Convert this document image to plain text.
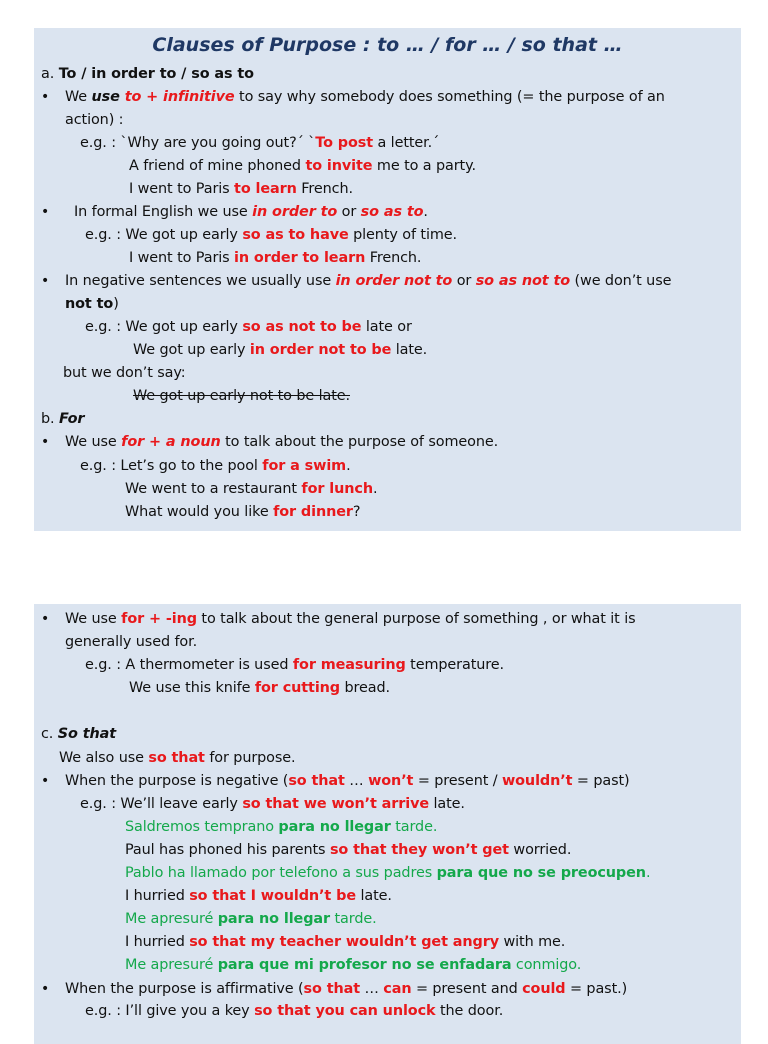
Clauses of Purpose : to … / for … / so that …
a. To / in order to / so as to
• We use to + infinitive to say why somebody does something (= the purpose of an
action) :
e.g. : `Why are you going out?´ `To post a letter.´
A friend of mine phoned to invite me to a party.
I went to Paris to learn French.
• In formal English we use in order to or so as to.
e.g. : We got up early so as to have plenty of time.
I went to Paris in order to learn French.
• In negative sentences we usually use in order not to or so as not to (we don’t use
not to)
e.g. : We got up early so as not to be late or
We got up early in order not to be late.
but we don’t say:
We got up early not to be late.
b. For
• We use for + a noun to talk about the purpose of someone.
e.g. : Let’s go to the pool for a swim.
We went to a restaurant for lunch.
What would you like for dinner?
• We use for + -ing to talk about the general purpose of something , or what it is
generally used for.
e.g. : A thermometer is used for measuring temperature.
We use this knife for cutting bread.
c. So that
We also use so that for purpose.
• When the purpose is negative (so that … won’t = present / wouldn’t = past)
e.g. : We’ll leave early so that we won’t arrive late.
Saldremos temprano para no llegar tarde.
Paul has phoned his parents so that they won’t get worried.
Pablo ha llamado por telefono a sus padres para que no se preocupen.
I hurried so that I wouldn’t be late.
Me apresuré para no llegar tarde.
I hurried so that my teacher wouldn’t get angry with me.
Me apresuré para que mi profesor no se enfadara conmigo.
• When the purpose is affirmative (so that … can = present and could = past.)
e.g. : I’ll give you a key so that you can unlock the door.
